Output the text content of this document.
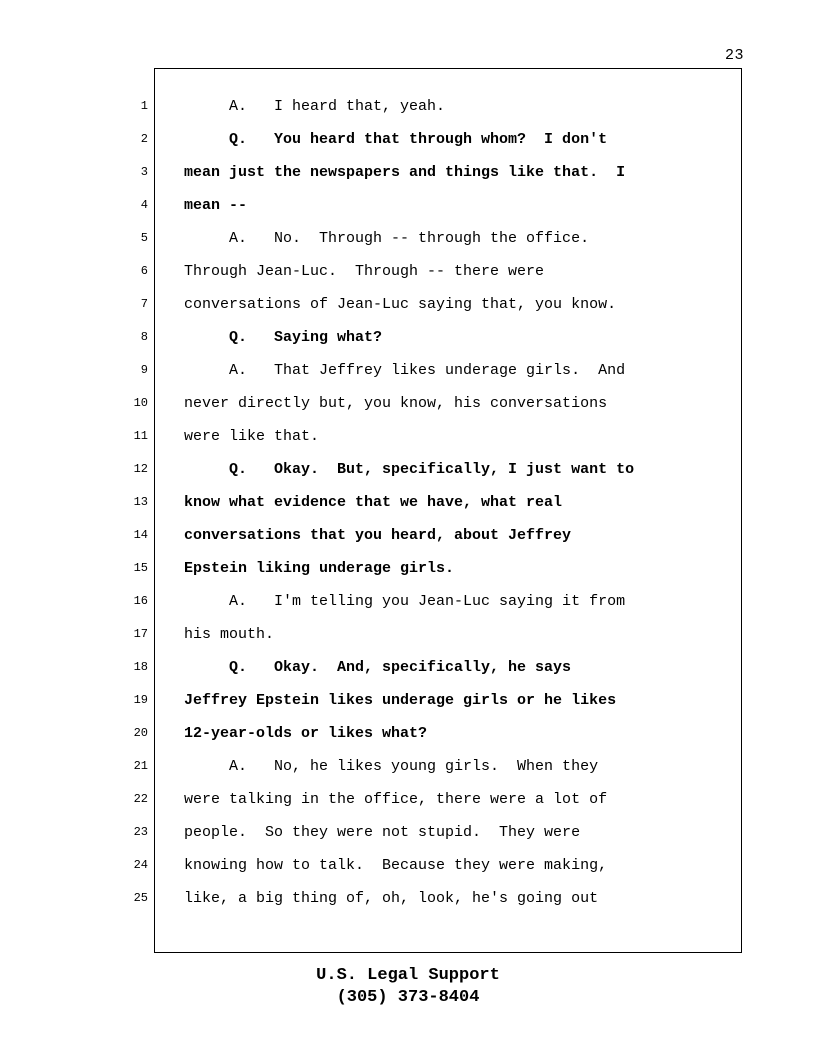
23
1
2
3
4
5
6
7
8
9
10
11
12
13
14
15
16
17
18
19
20
21
22
23
24
25
A.   I heard that, yeah.
Q.   You heard that through whom?  I don't
mean just the newspapers and things like that.  I
mean --
A.   No.  Through -- through the office.
Through Jean-Luc.  Through -- there were
conversations of Jean-Luc saying that, you know.
Q.   Saying what?
A.   That Jeffrey likes underage girls.  And
never directly but, you know, his conversations
were like that.
Q.   Okay.  But, specifically, I just want to
know what evidence that we have, what real
conversations that you heard, about Jeffrey
Epstein liking underage girls.
A.   I'm telling you Jean-Luc saying it from
his mouth.
Q.   Okay.  And, specifically, he says
Jeffrey Epstein likes underage girls or he likes
12-year-olds or likes what?
A.   No, he likes young girls.  When they
were talking in the office, there were a lot of
people.  So they were not stupid.  They were
knowing how to talk.  Because they were making,
like, a big thing of, oh, look, he's going out
U.S. Legal Support
(305) 373-8404
